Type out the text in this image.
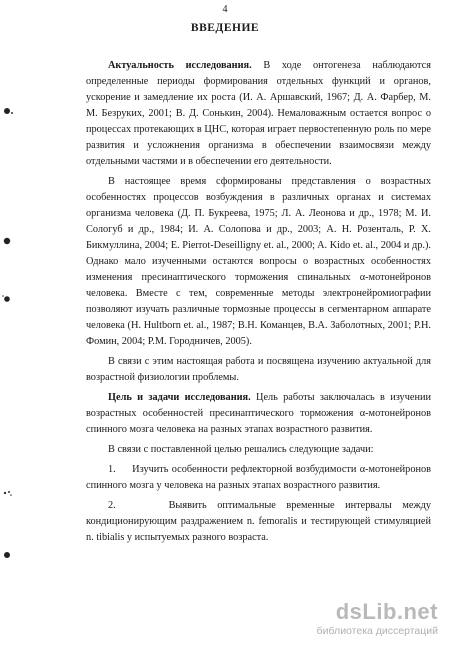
4
ВВЕДЕНИЕ

Актуальность исследования. В ходе онтогенеза наблюдаются определенные периоды формирования отдельных функций и органов, ускорение и замедление их роста (И. А. Аршавский, 1967; Д. А. Фарбер, М. М. Безруких, 2001; В. Д. Сонькин, 2004). Немаловажным остается вопрос о процессах протекающих в ЦНС, которая играет первостепенную роль по мере развития и усложнения организма в обеспечении взаимосвязи между отдельными частями и в обеспечении его деятельности.

В настоящее время сформированы представления о возрастных особенностях процессов возбуждения в различных органах и системах организма человека (Д. П. Букреева, 1975; Л. А. Леонова и др., 1978; М. И. Сологуб и др., 1984; И. А. Солопова и др., 2003; А. Н. Розенталь, Р. Х. Бикмуллина, 2004; E. Pierrot-Deseilligny et. al., 2000; A. Kido et. al., 2004 и др.). Однако мало изученными остаются вопросы о возрастных особенностях изменения пресинаптического торможения спинальных α-мотонейронов человека. Вместе с тем, современные методы электронейромиографии позволяют изучать различные тормозные процессы в сегментарном аппарате человека (H. Hultborn et. al., 1987; В.Н. Команцев, В.А. Заболотных, 2001; Р.Н. Фомин, 2004; Р.М. Городничев, 2005).

В связи с этим настоящая работа и посвящена изучению актуальной для возрастной физиологии проблемы.

Цель и задачи исследования. Цель работы заключалась в изучении возрастных особенностей пресинаптического торможения α-мотонейронов спинного мозга человека на разных этапах возрастного развития.

В связи с поставленной целью решались следующие задачи:

1.     Изучить особенности рефлекторной возбудимости α-мотонейронов спинного мозга у человека на разных этапах возрастного развития.

2.     Выявить оптимальные временные интервалы между кондиционирующим раздражением n. femoralis и тестирующей стимуляцией n. tibialis у испытуемых разного возраста.

dsLib.net
библиотека диссертаций
